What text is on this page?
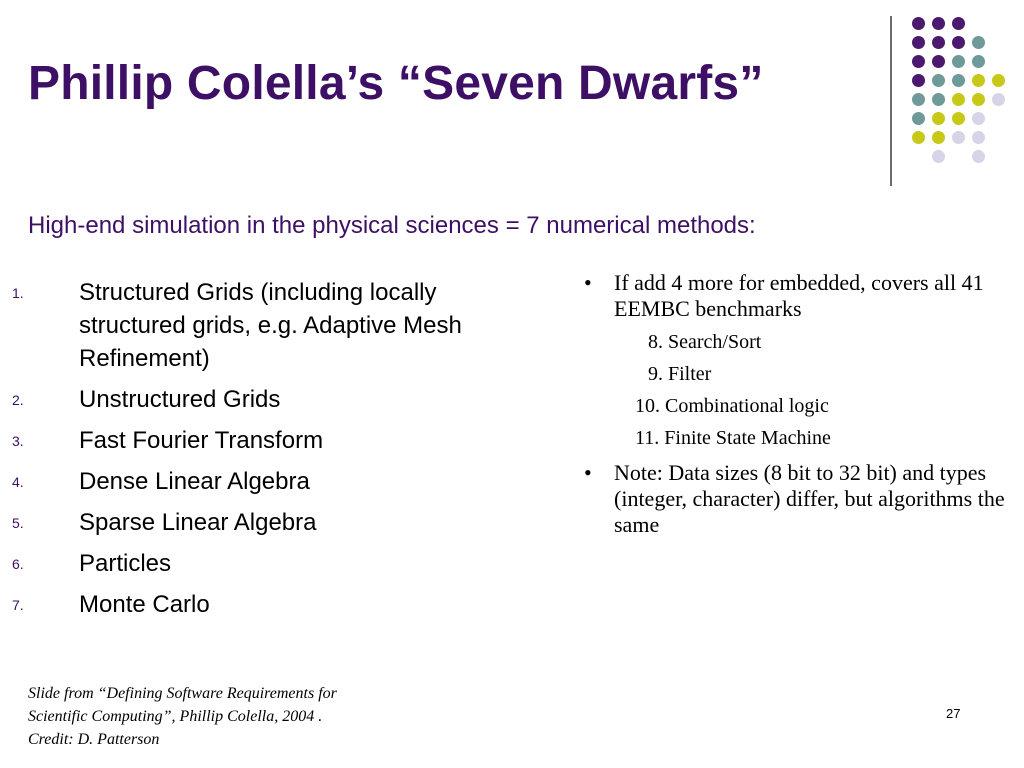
Phillip Colella’s “Seven Dwarfs”
High-end simulation in the physical sciences = 7 numerical methods:
1. Structured Grids (including locally structured grids, e.g. Adaptive Mesh Refinement)
2. Unstructured Grids
3. Fast Fourier Transform
4. Dense Linear Algebra
5. Sparse Linear Algebra
6. Particles
7. Monte Carlo
• If add 4 more for embedded, covers all 41 EEMBC benchmarks
8. Search/Sort
9. Filter
10. Combinational logic
11. Finite State Machine
• Note: Data sizes (8 bit to 32 bit) and types (integer, character) differ, but algorithms the same
Slide from “Defining Software Requirements for
Scientific Computing”, Phillip Colella, 2004 .
Credit: D. Patterson
27
